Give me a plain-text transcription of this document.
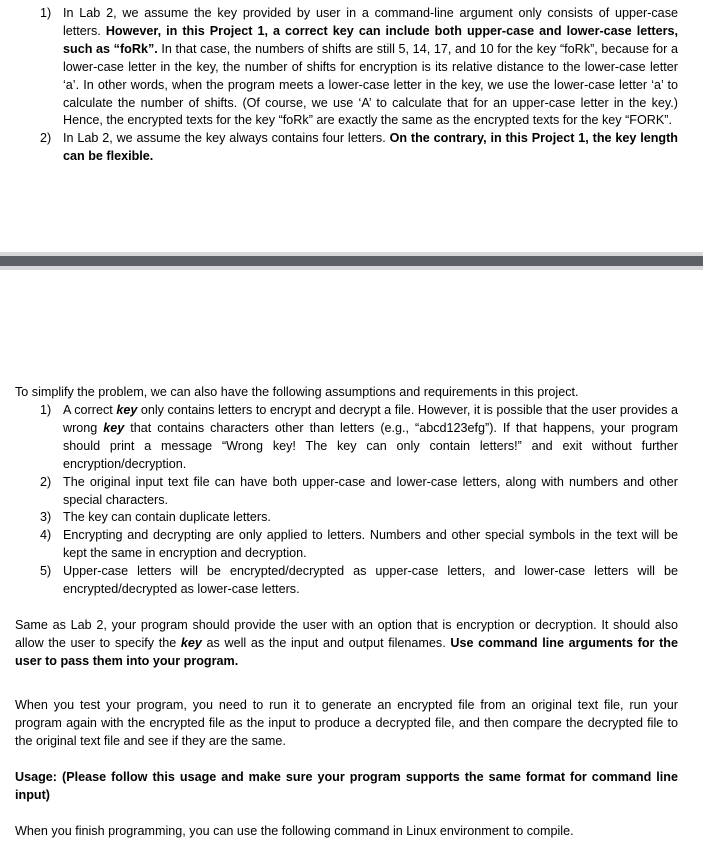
1) In Lab 2, we assume the key provided by user in a command-line argument only consists of upper-case letters. However, in this Project 1, a correct key can include both upper-case and lower-case letters, such as “foRk”. In that case, the numbers of shifts are still 5, 14, 17, and 10 for the key “foRk”, because for a lower-case letter in the key, the number of shifts for encryption is its relative distance to the lower-case letter ‘a’. In other words, when the program meets a lower-case letter in the key, we use the lower-case letter ‘a’ to calculate the number of shifts. (Of course, we use ‘A’ to calculate that for an upper-case letter in the key.) Hence, the encrypted texts for the key “foRk” are exactly the same as the encrypted texts for the key “FORK”.
2) In Lab 2, we assume the key always contains four letters. On the contrary, in this Project 1, the key length can be flexible.
To simplify the problem, we can also have the following assumptions and requirements in this project.
1) A correct key only contains letters to encrypt and decrypt a file. However, it is possible that the user provides a wrong key that contains characters other than letters (e.g., “abcd123efg”). If that happens, your program should print a message “Wrong key! The key can only contain letters!” and exit without further encryption/decryption.
2) The original input text file can have both upper-case and lower-case letters, along with numbers and other special characters.
3) The key can contain duplicate letters.
4) Encrypting and decrypting are only applied to letters. Numbers and other special symbols in the text will be kept the same in encryption and decryption.
5) Upper-case letters will be encrypted/decrypted as upper-case letters, and lower-case letters will be encrypted/decrypted as lower-case letters.
Same as Lab 2, your program should provide the user with an option that is encryption or decryption. It should also allow the user to specify the key as well as the input and output filenames. Use command line arguments for the user to pass them into your program.
When you test your program, you need to run it to generate an encrypted file from an original text file, run your program again with the encrypted file as the input to produce a decrypted file, and then compare the decrypted file to the original text file and see if they are the same.
Usage: (Please follow this usage and make sure your program supports the same format for command line input)
When you finish programming, you can use the following command in Linux environment to compile.
